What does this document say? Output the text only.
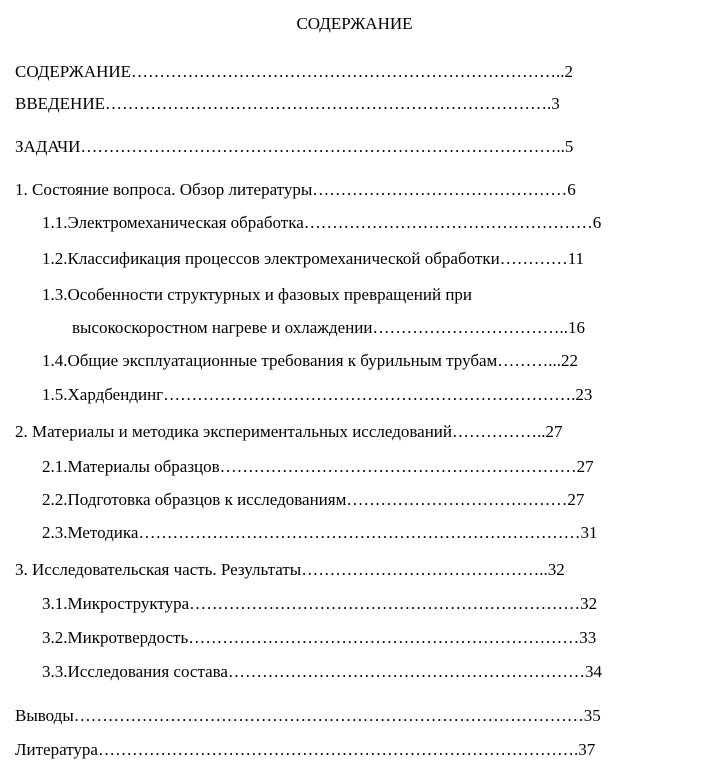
СОДЕРЖАНИЕ
СОДЕРЖАНИЕ…………………………………………………………………..2
ВВЕДЕНИЕ…………………………………………………………………….3
ЗАДАЧИ…………………………………………………………………………..5
1. Состояние вопроса. Обзор литературы………………………………………6
1.1.Электромеханическая обработка……………………………………………6
1.2.Классификация процессов электромеханической обработки…………11
1.3.Особенности структурных и фазовых превращений при
высокоскоростном нагреве и охлаждении……………………………..16
1.4.Общие эксплуатационные требования к бурильным трубам………...22
1.5.Хардбендинг……………………………………………………………….23
2. Материалы и методика экспериментальных исследований……………..27
2.1.Материалы образцов………………………………………………………27
2.2.Подготовка образцов к исследованиям…………………………………27
2.3.Методика……………………………………………………………………31
3. Исследовательская часть. Результаты……………………………………..32
3.1.Микроструктура……………………………………………………………32
3.2.Микротвердость……………………………………………………………33
3.3.Исследования состава………………………………………………………34
Выводы………………………………………………………………………………35
Литература………………………………………………………………………….37
